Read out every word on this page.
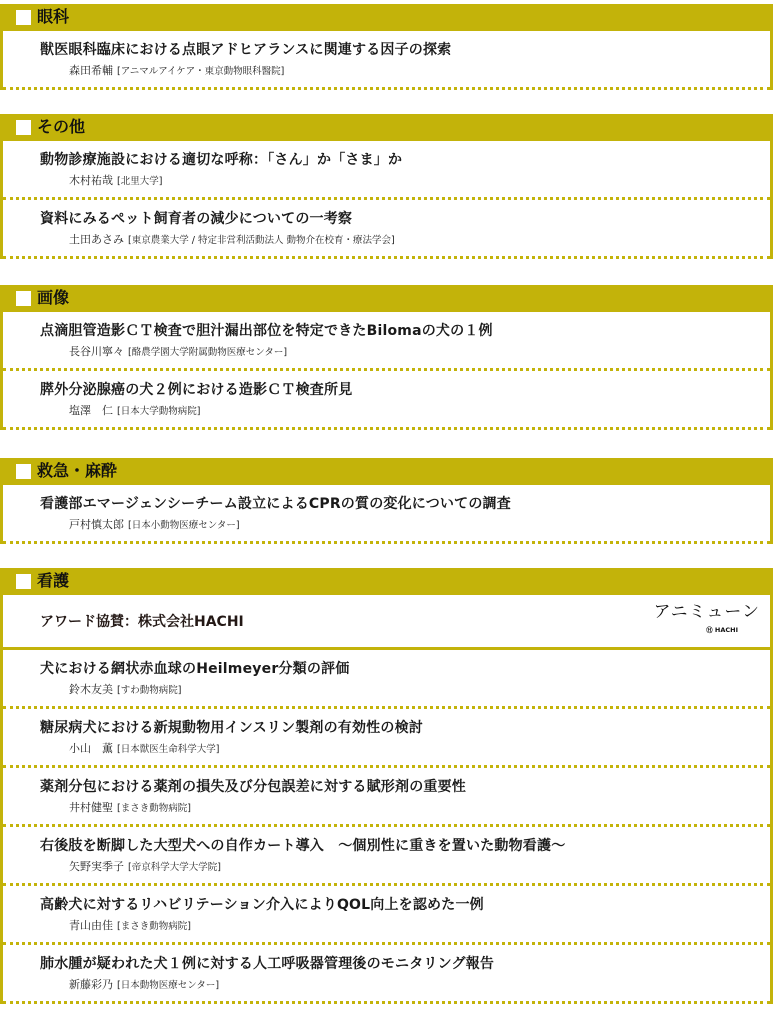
眼科
獣医眼科臨床における点眼アドヒアランスに関連する因子の探索
森田希輔 [アニマルアイケア・東京動物眼科醫院]
その他
動物診療施設における適切な呼称：「さん」か「さま」か
木村祐哉 [北里大学]
資料にみるペット飼育者の減少についての一考察
土田あさみ [東京農業大学 / 特定非営利活動法人 動物介在校育・療法学会]
画像
点滴胆管造影ＣＴ検査で胆汁漏出部位を特定できたBilomaの犬の１例
長谷川寧々 [酪農学園大学附属動物医療センター]
膵外分泌腺癌の犬２例における造影ＣＴ検査所見
塩澤　仁 [日本大学動物病院]
救急・麻酔
看護部エマージェンシーチーム設立によるCPRの質の変化についての調査
戸村慎太郎 [日本小動物医療センター]
看護
アワード協賛：株式会社HACHI	アニミューン
Ⓗ HACHI
犬における網状赤血球のHeilmeyer分類の評価
鈴木友美 [すわ動物病院]
糖尿病犬における新規動物用インスリン製剤の有効性の検討
小山　薫 [日本獣医生命科学大学]
薬剤分包における薬剤の損失及び分包誤差に対する賦形剤の重要性
井村健聖 [まさき動物病院]
右後肢を断脚した大型犬への自作カート導入　～個別性に重きを置いた動物看護～
矢野実季子 [帝京科学大学大学院]
高齢犬に対するリハビリテーション介入によりQOL向上を認めた一例
青山由佳 [まさき動物病院]
肺水腫が疑われた犬１例に対する人工呼吸器管理後のモニタリング報告
新藤彩乃 [日本動物医療センター]
